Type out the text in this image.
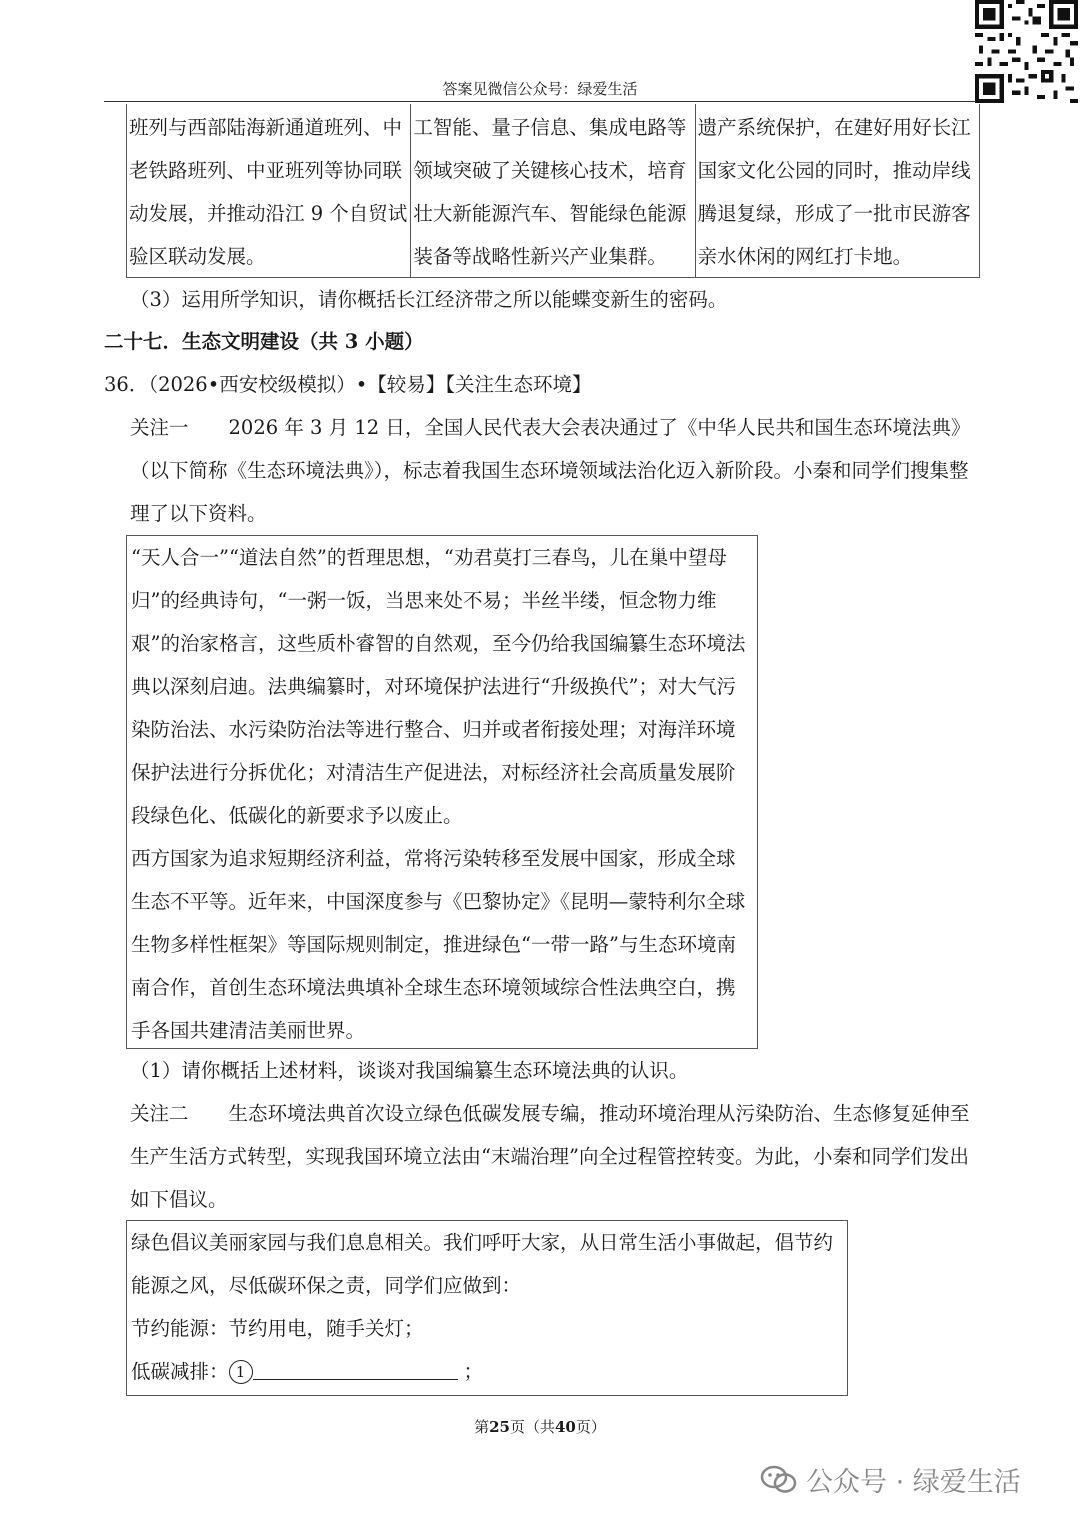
答案见微信公众号：绿爱生活
班列与西部陆海新通道班列、中老铁路班列、中亚班列等协同联动发展，并推动沿江 9 个自贸试验区联动发展。
工智能、量子信息、集成电路等领域突破了关键核心技术，培育壮大新能源汽车、智能绿色能源装备等战略性新兴产业集群。
遗产系统保护，在建好用好长江国家文化公园的同时，推动岸线腾退复绿，形成了一批市民游客亲水休闲的网红打卡地。
（3）运用所学知识，请你概括长江经济带之所以能蝶变新生的密码。
二十七．生态文明建设（共 3 小题）
36．（2026•西安校级模拟）•【较易】【关注生态环境】
关注一 2026 年 3 月 12 日，全国人民代表大会表决通过了《中华人民共和国生态环境法典》（以下简称《生态环境法典》），标志着我国生态环境领域法治化迈入新阶段。小秦和同学们搜集整理了以下资料。
“天人合一”“道法自然”的哲理思想，“劝君莫打三春鸟，儿在巢中望母归”的经典诗句，“一粥一饭，当思来处不易；半丝半缕，恒念物力维艰”的治家格言，这些质朴睿智的自然观，至今仍给我国编纂生态环境法典以深刻启迪。法典编纂时，对环境保护法进行“升级换代”；对大气污染防治法、水污染防治法等进行整合、归并或者衔接处理；对海洋环境保护法进行分拆优化；对清洁生产促进法，对标经济社会高质量发展阶段绿色化、低碳化的新要求予以废止。
西方国家为追求短期经济利益，常将污染转移至发展中国家，形成全球生态不平等。近年来，中国深度参与《巴黎协定》《昆明—蒙特利尔全球生物多样性框架》等国际规则制定，推进绿色“一带一路”与生态环境南南合作，首创生态环境法典填补全球生态环境领域综合性法典空白，携手各国共建清洁美丽世界。
（1）请你概括上述材料，谈谈对我国编纂生态环境法典的认识。
关注二 生态环境法典首次设立绿色低碳发展专编，推动环境治理从污染防治、生态修复延伸至生产生活方式转型，实现我国环境立法由“末端治理”向全过程管控转变。为此，小秦和同学们发出如下倡议。
绿色倡议美丽家园与我们息息相关。我们呼吁大家，从日常生活小事做起，倡节约能源之风，尽低碳环保之责，同学们应做到：
节约能源：节约用电，随手关灯；
低碳减排： 1	；
第25页（共40页）
公众号 · 绿爱生活
